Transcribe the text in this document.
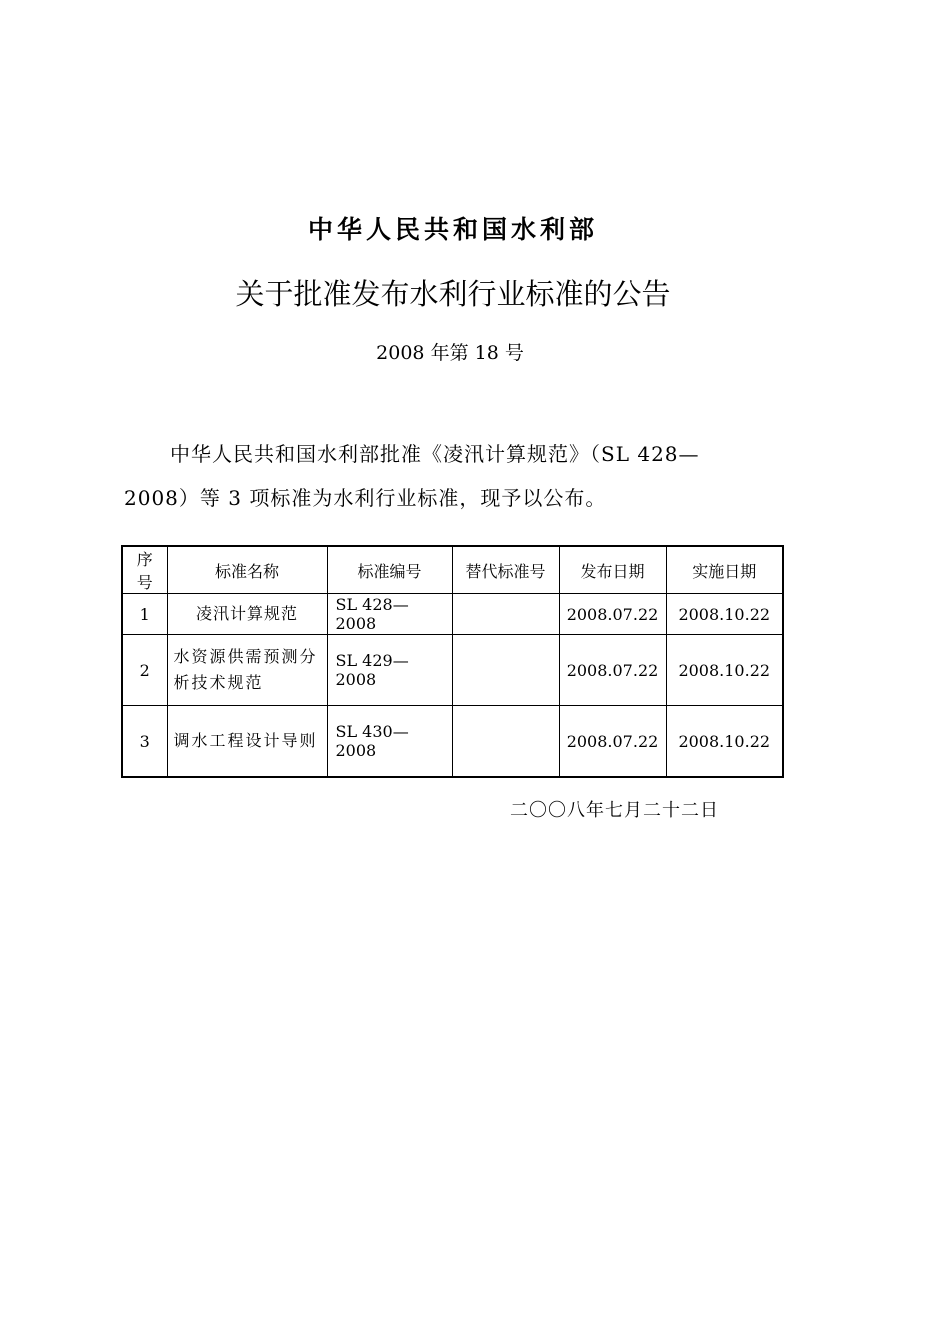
中华人民共和国水利部
关于批准发布水利行业标准的公告
2008 年第 18 号
中华人民共和国水利部批准《凌汛计算规范》（SL 428—
2008）等 3 项标准为水利行业标准，现予以公布。
序号	标准名称	标准编号	替代标准号	发布日期	实施日期
1	凌汛计算规范	SL 428—2008		2008.07.22	2008.10.22
2	水资源供需预测分析技术规范	SL 429—2008		2008.07.22	2008.10.22
3	调水工程设计导则	SL 430—2008		2008.07.22	2008.10.22
二〇〇八年七月二十二日
